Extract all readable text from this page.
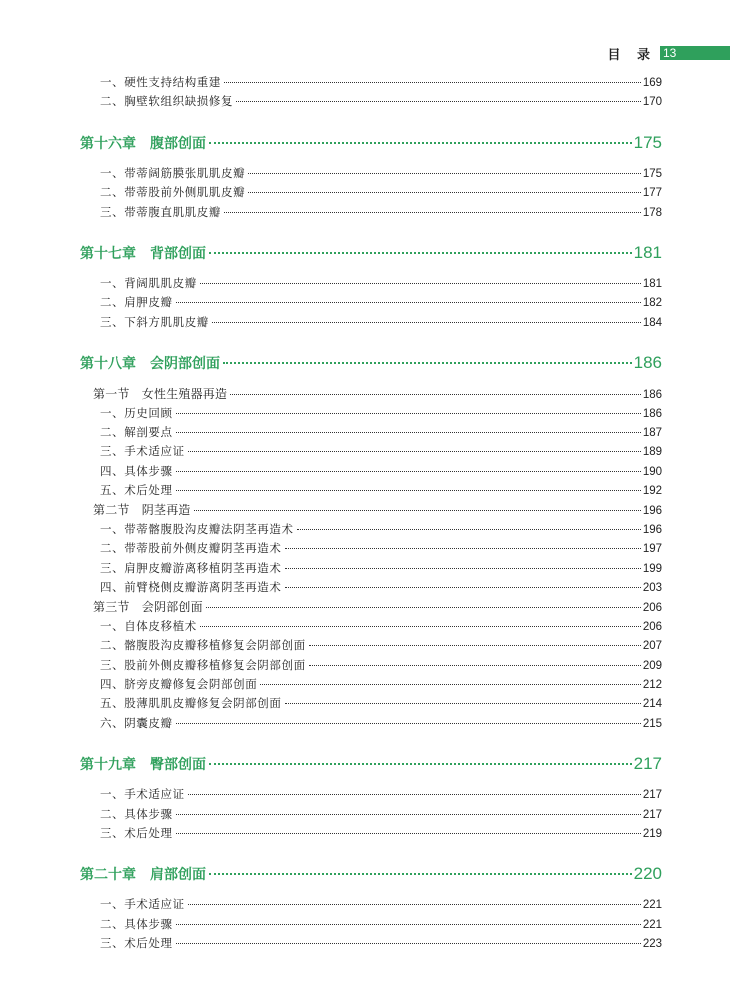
目 录 13
一、硬性支持结构重建	169
二、胸壁软组织缺损修复	170
第十六章 腹部创面	175
一、带蒂阔筋膜张肌肌皮瓣	175
二、带蒂股前外侧肌肌皮瓣	177
三、带蒂腹直肌肌皮瓣	178
第十七章 背部创面	181
一、背阔肌肌皮瓣	181
二、肩胛皮瓣	182
三、下斜方肌肌皮瓣	184
第十八章 会阴部创面	186
第一节　女性生殖器再造	186
一、历史回顾	186
二、解剖要点	187
三、手术适应证	189
四、具体步骤	190
五、术后处理	192
第二节　阴茎再造	196
一、带蒂髂腹股沟皮瓣法阴茎再造术	196
二、带蒂股前外侧皮瓣阴茎再造术	197
三、肩胛皮瓣游离移植阴茎再造术	199
四、前臂桡侧皮瓣游离阴茎再造术	203
第三节　会阴部创面	206
一、自体皮移植术	206
二、髂腹股沟皮瓣移植修复会阴部创面	207
三、股前外侧皮瓣移植修复会阴部创面	209
四、脐旁皮瓣修复会阴部创面	212
五、股薄肌肌皮瓣修复会阴部创面	214
六、阴囊皮瓣	215
第十九章 臀部创面	217
一、手术适应证	217
二、具体步骤	217
三、术后处理	219
第二十章 肩部创面	220
一、手术适应证	221
二、具体步骤	221
三、术后处理	223
